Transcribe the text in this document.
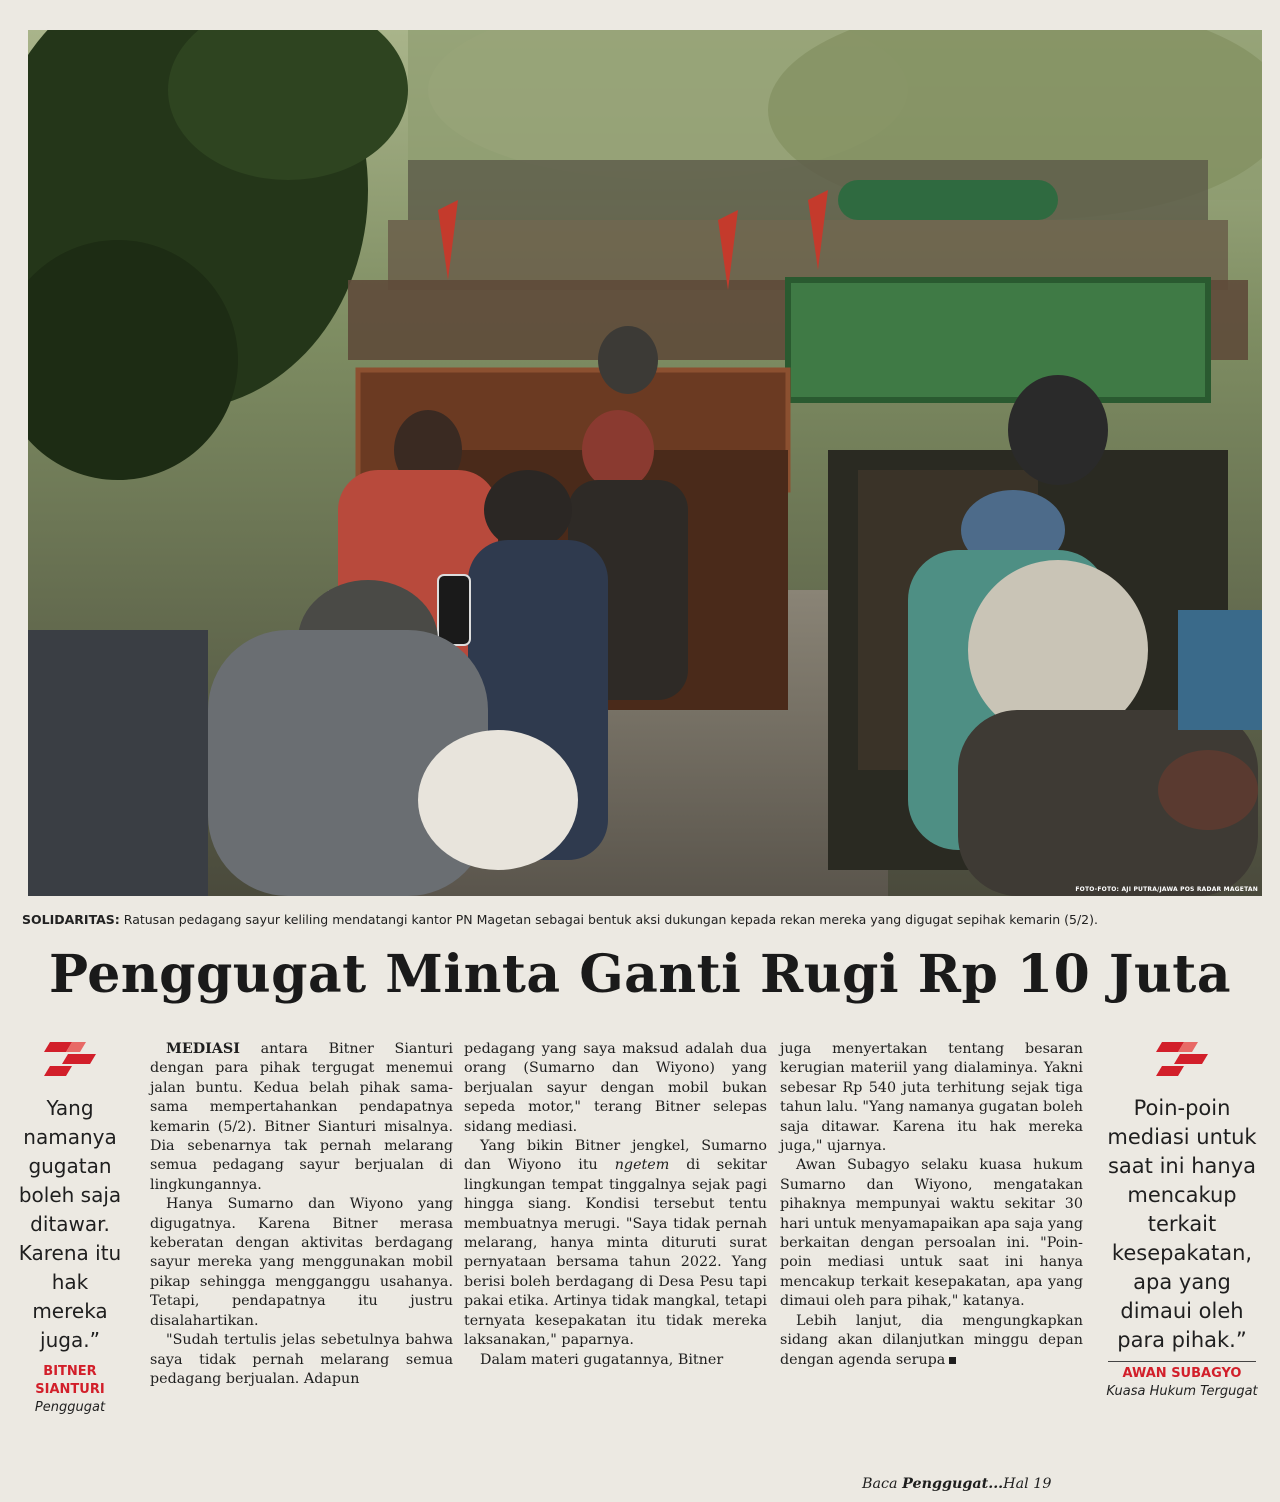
FOTO-FOTO: AJI PUTRA/JAWA POS RADAR MAGETAN
SOLIDARITAS: Ratusan pedagang sayur keliling mendatangi kantor PN Magetan sebagai bentuk aksi dukungan kepada rekan mereka yang digugat sepihak kemarin (5/2).
Penggugat Minta Ganti Rugi Rp 10 Juta

Yang namanya gugatan boleh saja ditawar. Karena itu hak mereka juga.”

BITNER SIANTURI
Penggugat

Poin-poin mediasi untuk saat ini hanya mencakup terkait kesepakatan, apa yang dimaui oleh para pihak.”

AWAN SUBAGYO
Kuasa Hukum Tergugat

MEDIASI antara Bitner Sianturi dengan para pihak tergugat menemui jalan buntu. Kedua belah pihak sama-sama mempertahankan pendapatnya kemarin (5/2). Bitner Sianturi misalnya. Dia sebenarnya tak pernah melarang semua pedagang sayur berjualan di lingkungannya.

Hanya Sumarno dan Wiyono yang digugatnya. Karena Bitner merasa keberatan dengan aktivitas berdagang sayur mereka yang menggunakan mobil pikap sehingga mengganggu usahanya. Tetapi, pendapatnya itu justru disalahartikan.

"Sudah tertulis jelas sebetulnya bahwa saya tidak pernah melarang semua pedagang berjualan. Adapun

pedagang yang saya maksud adalah dua orang (Sumarno dan Wiyono) yang berjualan sayur dengan mobil bukan sepeda motor," terang Bitner selepas sidang mediasi.

Yang bikin Bitner jengkel, Sumarno dan Wiyono itu ngetem di sekitar lingkungan tempat tinggalnya sejak pagi hingga siang. Kondisi tersebut tentu membuatnya merugi. "Saya tidak pernah melarang, hanya minta dituruti surat pernyataan bersama tahun 2022. Yang berisi boleh berdagang di Desa Pesu tapi pakai etika. Artinya tidak mangkal, tetapi ternyata kesepakatan itu tidak mereka laksanakan," paparnya.

Dalam materi gugatannya, Bitner

juga menyertakan tentang besaran kerugian materiil yang dialaminya. Yakni sebesar Rp 540 juta terhitung sejak tiga tahun lalu. "Yang namanya gugatan boleh saja ditawar. Karena itu hak mereka juga," ujarnya.

Awan Subagyo selaku kuasa hukum Sumarno dan Wiyono, mengatakan pihaknya mempunyai waktu sekitar 30 hari untuk menyamapaikan apa saja yang berkaitan dengan persoalan ini. "Poin-poin mediasi untuk saat ini hanya mencakup terkait kesepakatan, apa yang dimaui oleh para pihak," katanya.

Lebih lanjut, dia mengungkapkan sidang akan dilanjutkan minggu depan dengan agenda serupa

Baca Penggugat...Hal 19
